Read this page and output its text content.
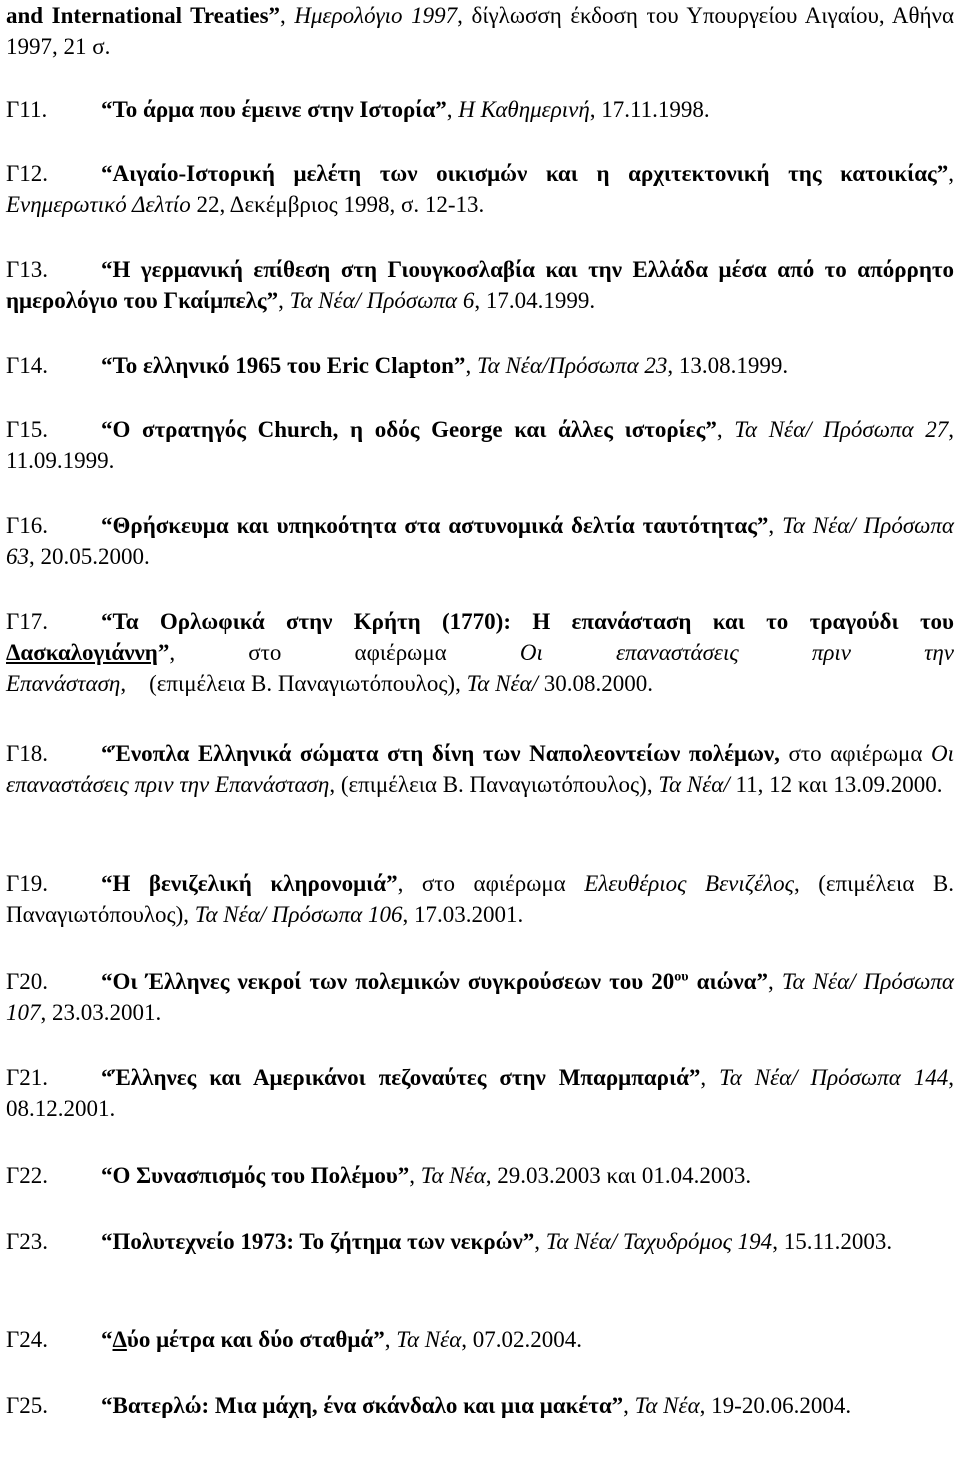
and International Treaties”, Ημερολόγιο 1997, δίγλωσση έκδοση του Υπουργείου Αιγαίου, Αθήνα 1997, 21 σ.
Γ11. “Το άρμα που έμεινε στην Ιστορία”, Η Καθημερινή, 17.11.1998.
Γ12. “Αιγαίο-Ιστορική μελέτη των οικισμών και η αρχιτεκτονική της κατοικίας”, Ενημερωτικό Δελτίο 22, Δεκέμβριος 1998, σ. 12-13.
Γ13. “Η γερμανική επίθεση στη Γιουγκοσλαβία και την Ελλάδα μέσα από το απόρρητο ημερολόγιο του Γκαίμπελς”, Τα Νέα/ Πρόσωπα 6, 17.04.1999.
Γ14. “Το ελληνικό 1965 του Eric Clapton”, Τα Νέα/Πρόσωπα 23, 13.08.1999.
Γ15. “Ο στρατηγός Church, η οδός George και άλλες ιστορίες”, Τα Νέα/ Πρόσωπα 27, 11.09.1999.
Γ16. “Θρήσκευμα και υπηκοότητα στα αστυνομικά δελτία ταυτότητας”, Τα Νέα/ Πρόσωπα 63, 20.05.2000.
Γ17. “Τα Ορλωφικά στην Κρήτη (1770): Η επανάσταση και το τραγούδι του Δασκαλογιάννη”, στο αφιέρωμα Οι επαναστάσεις πριν την Επανάσταση,    (επιμέλεια Β. Παναγιωτόπουλος), Τα Νέα/ 30.08.2000.
Γ18. “Ένοπλα Ελληνικά σώματα στη δίνη των Ναπολεοντείων πολέμων, στο αφιέρωμα Οι επαναστάσεις πριν την Επανάσταση, (επιμέλεια Β. Παναγιωτόπουλος), Τα Νέα/ 11, 12 και 13.09.2000.
Γ19. “Η βενιζελική κληρονομιά”, στο αφιέρωμα Ελευθέριος Βενιζέλος, (επιμέλεια Β. Παναγιωτόπουλος), Τα Νέα/ Πρόσωπα 106, 17.03.2001.
Γ20. “Οι Έλληνες νεκροί των πολεμικών συγκρούσεων του $20^{o\upsilon}$ αιώνα”, Τα Νέα/ Πρόσωπα 107, 23.03.2001.
Γ21. “Έλληνες και Αμερικάνοι πεζοναύτες στην Μπαρμπαριά”, Τα Νέα/ Πρόσωπα 144, 08.12.2001.
Γ22. “Ο Συνασπισμός του Πολέμου”, Τα Νέα, 29.03.2003 και 01.04.2003.
Γ23. “Πολυτεχνείο 1973: Το ζήτημα των νεκρών”, Τα Νέα/ Ταχυδρόμος 194, 15.11.2003.
Γ24. “Δύο μέτρα και δύο σταθμά”, Τα Νέα, 07.02.2004.
Γ25. “Βατερλώ: Μια μάχη, ένα σκάνδαλο και μια μακέτα”, Τα Νέα, 19-20.06.2004.
